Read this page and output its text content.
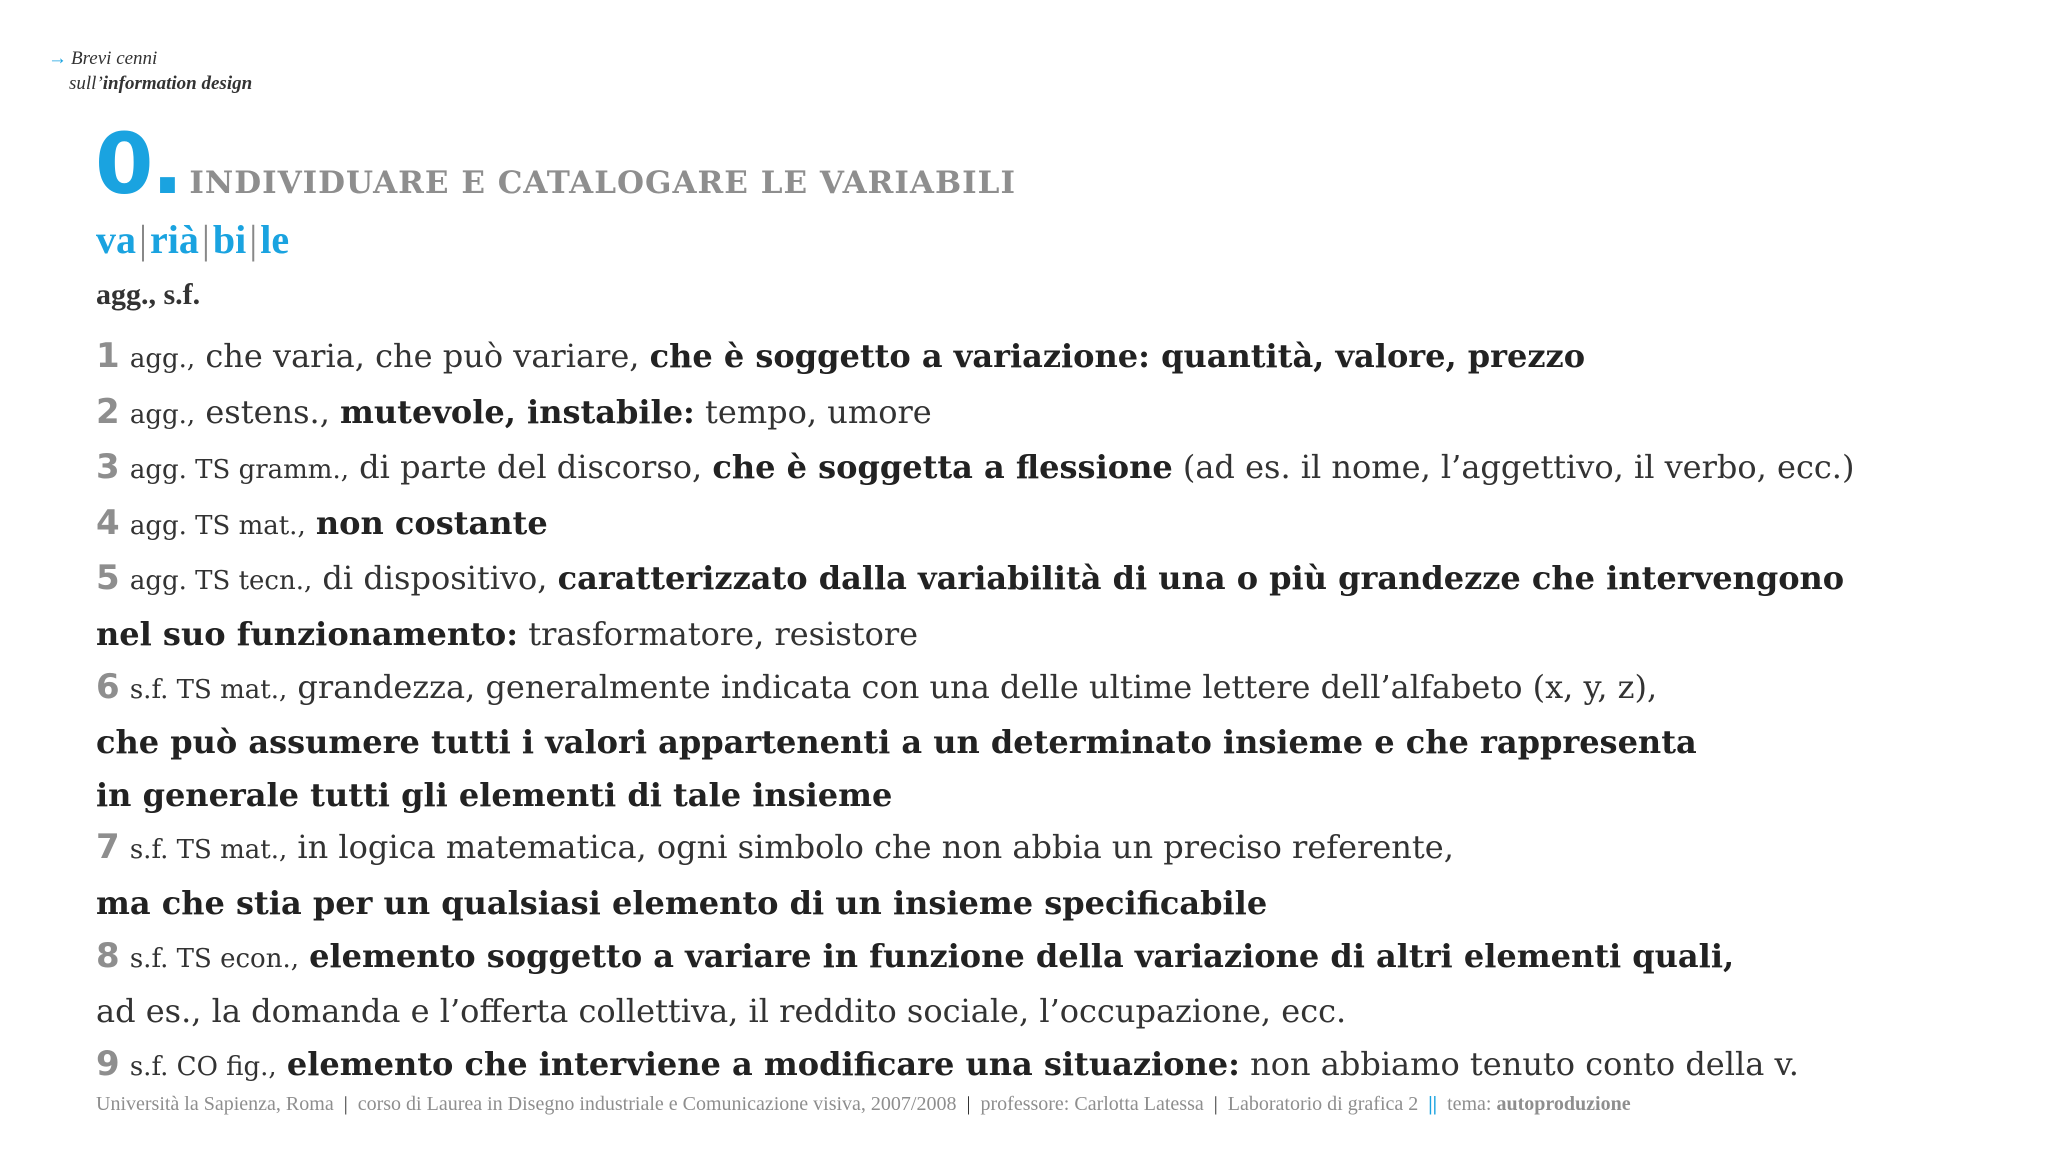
→ Brevi cenni
sull’information design
0. INDIVIDUARE E CATALOGARE LE VARIABILI
va|rià|bi|le
agg., s.f.
1 agg., che varia, che può variare, che è soggetto a variazione: quantità, valore, prezzo
2 agg., estens., mutevole, instabile: tempo, umore
3 agg. TS gramm., di parte del discorso, che è soggetta a flessione (ad es. il nome, l’aggettivo, il verbo, ecc.)
4 agg. TS mat., non costante
5 agg. TS tecn., di dispositivo, caratterizzato dalla variabilità di una o più grandezze che intervengono
nel suo funzionamento: trasformatore, resistore
6 s.f. TS mat., grandezza, generalmente indicata con una delle ultime lettere dell’alfabeto (x, y, z),
che può assumere tutti i valori appartenenti a un determinato insieme e che rappresenta
in generale tutti gli elementi di tale insieme
7 s.f. TS mat., in logica matematica, ogni simbolo che non abbia un preciso referente,
ma che stia per un qualsiasi elemento di un insieme specificabile
8 s.f. TS econ., elemento soggetto a variare in funzione della variazione di altri elementi quali,
ad es., la domanda e l’offerta collettiva, il reddito sociale, l’occupazione, ecc.
9 s.f. CO fig., elemento che interviene a modificare una situazione: non abbiamo tenuto conto della v.
Università la Sapienza, Roma | corso di Laurea in Disegno industriale e Comunicazione visiva, 2007/2008 | professore: Carlotta Latessa | Laboratorio di grafica 2 || tema: autoproduzione
